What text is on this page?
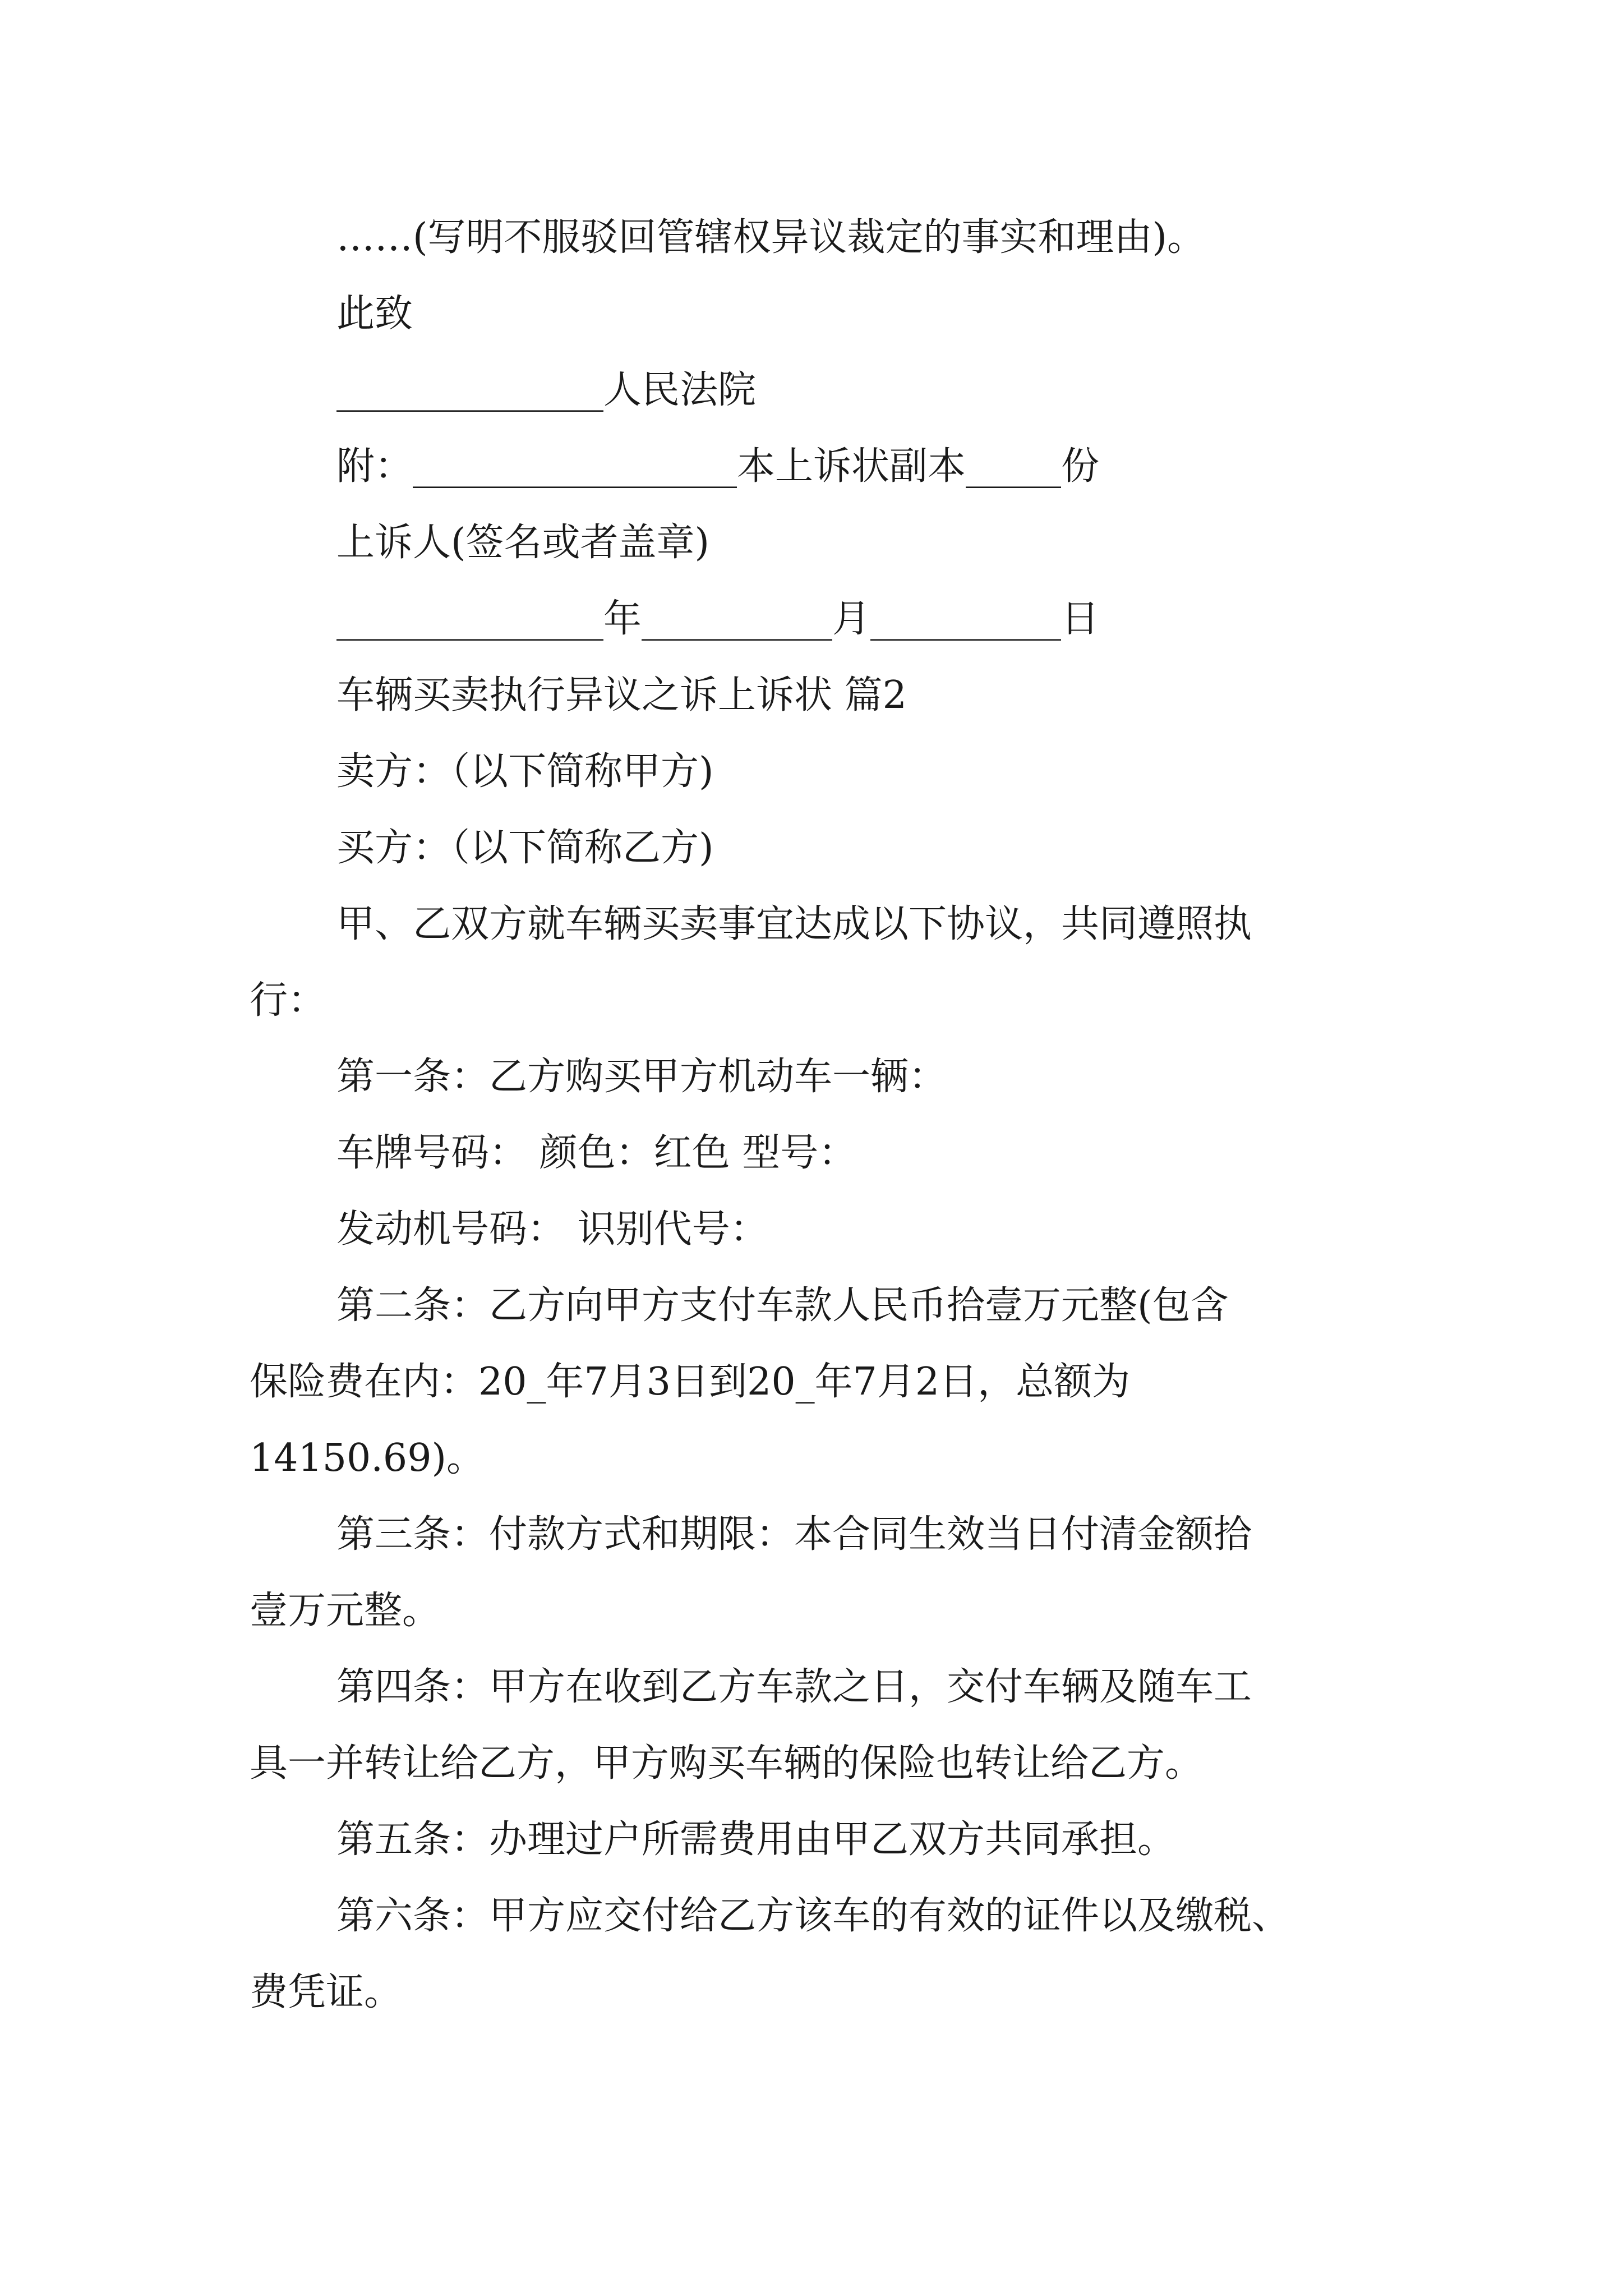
……(写明不服驳回管辖权异议裁定的事实和理由)。
此致
______________人民法院
附：_________________本上诉状副本_____份
上诉人(签名或者盖章)
______________年__________月__________日
车辆买卖执行异议之诉上诉状 篇2
卖方：（以下简称甲方)
买方：（以下简称乙方)
甲、乙双方就车辆买卖事宜达成以下协议，共同遵照执
行：
第一条：乙方购买甲方机动车一辆：
车牌号码： 颜色：红色 型号：
发动机号码： 识别代号：
第二条：乙方向甲方支付车款人民币拾壹万元整(包含
保险费在内：20_年7月3日到20_年7月2日，总额为
14150.69)。
第三条：付款方式和期限：本合同生效当日付清金额拾
壹万元整。
第四条：甲方在收到乙方车款之日，交付车辆及随车工
具一并转让给乙方，甲方购买车辆的保险也转让给乙方。
第五条：办理过户所需费用由甲乙双方共同承担。
第六条：甲方应交付给乙方该车的有效的证件以及缴税、
费凭证。
